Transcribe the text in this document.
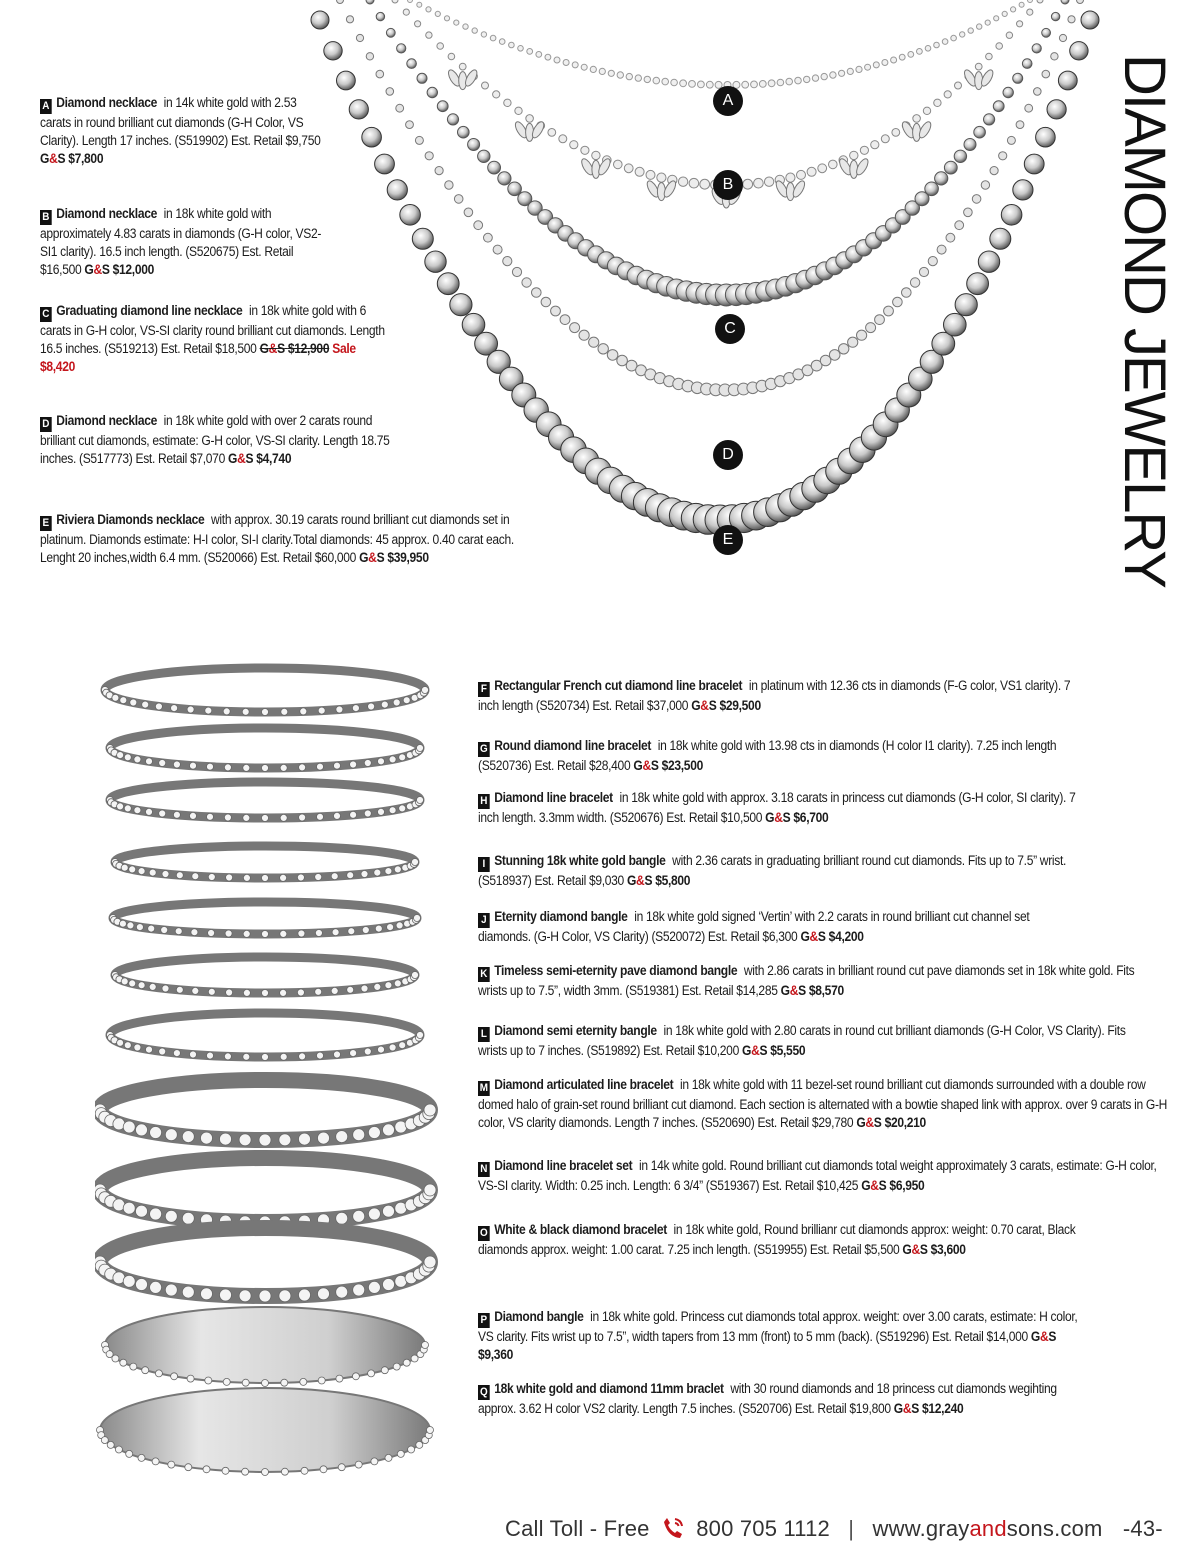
A
B
C
D
E	DIAMOND JEWELRY
A Diamond necklace in 14k white gold with 2.53 carats in round brilliant cut diamonds (G-H Color, VS Clarity). Length 17 inches. (S519902) Est. Retail $9,750 G&S $7,800
B Diamond necklace in 18k white gold with approximately 4.83 carats in diamonds (G-H color, VS2-SI1 clarity). 16.5 inch length. (S520675) Est. Retail $16,500 G&S $12,000
C Graduating diamond line necklace in 18k white gold with 6 carats in G-H color, VS-SI clarity round brilliant cut diamonds. Length 16.5 inches. (S519213) Est. Retail $18,500 G&S $12,900 Sale $8,420
D Diamond necklace in 18k white gold with over 2 carats round brilliant cut diamonds, estimate: G-H color, VS-SI clarity. Length 18.75 inches. (S517773) Est. Retail $7,070 G&S $4,740
E Riviera Diamonds necklace with approx. 30.19 carats round brilliant cut diamonds set in platinum. Diamonds estimate: H-I color, SI-I clarity.Total diamonds: 45 approx. 0.40 carat each. Lenght 20 inches,width 6.4 mm. (S520066) Est. Retail $60,000 G&S $39,950
F Rectangular French cut diamond line bracelet in platinum with 12.36 cts in diamonds (F-G color, VS1 clarity). 7 inch length (S520734) Est. Retail $37,000 G&S $29,500
G Round diamond line bracelet in 18k white gold with 13.98 cts in diamonds (H color I1 clarity). 7.25 inch length (S520736) Est. Retail $28,400 G&S $23,500
H Diamond line bracelet in 18k white gold with approx. 3.18 carats in princess cut diamonds (G-H color, SI clarity). 7 inch length. 3.3mm width. (S520676) Est. Retail $10,500 G&S $6,700
I Stunning 18k white gold bangle with 2.36 carats in graduating brilliant round cut diamonds. Fits up to 7.5” wrist. (S518937) Est. Retail $9,030 G&S $5,800
J Eternity diamond bangle in 18k white gold signed ‘Vertin’ with 2.2 carats in round brilliant cut channel set diamonds. (G-H Color, VS Clarity) (S520072) Est. Retail $6,300 G&S $4,200
K Timeless semi-eternity pave diamond bangle with 2.86 carats in brilliant round cut pave diamonds set in 18k white gold. Fits wrists up to 7.5”, width 3mm. (S519381) Est. Retail $14,285 G&S $8,570
L Diamond semi eternity bangle in 18k white gold with 2.80 carats in round cut brilliant diamonds (G-H Color, VS Clarity). Fits wrists up to 7 inches. (S519892) Est. Retail $10,200 G&S $5,550
M Diamond articulated line bracelet in 18k white gold with 11 bezel-set round brilliant cut diamonds surrounded with a double row domed halo of grain-set round brilliant cut diamond. Each section is alternated with a bowtie shaped link with approx. over 9 carats in G-H color, VS clarity diamonds. Length 7 inches. (S520690) Est. Retail $29,780 G&S $20,210
N Diamond line bracelet set in 14k white gold. Round brilliant cut diamonds total weight approximately 3 carats, estimate: G-H color, VS-SI clarity. Width: 0.25 inch. Length: 6 3/4” (S519367) Est. Retail $10,425 G&S $6,950
O White & black diamond bracelet in 18k white gold, Round brillianr cut diamonds approx: weight: 0.70 carat, Black diamonds approx. weight: 1.00 carat. 7.25 inch length. (S519955) Est. Retail $5,500 G&S $3,600
P Diamond bangle in 18k white gold. Princess cut diamonds total approx. weight: over 3.00 carats, estimate: H color, VS clarity. Fits wrist up to 7.5”, width tapers from 13 mm (front) to 5 mm (back). (S519296) Est. Retail $14,000 G&S $9,360
Q 18k white gold and diamond 11mm braclet with 30 round diamonds and 18 princess cut diamonds wegihting approx. 3.62 H color VS2 clarity. Length 7.5 inches. (S520706) Est. Retail $19,800 G&S $12,240
Call Toll - Free 800 705 1112 | www.grayandsons.com -43-
